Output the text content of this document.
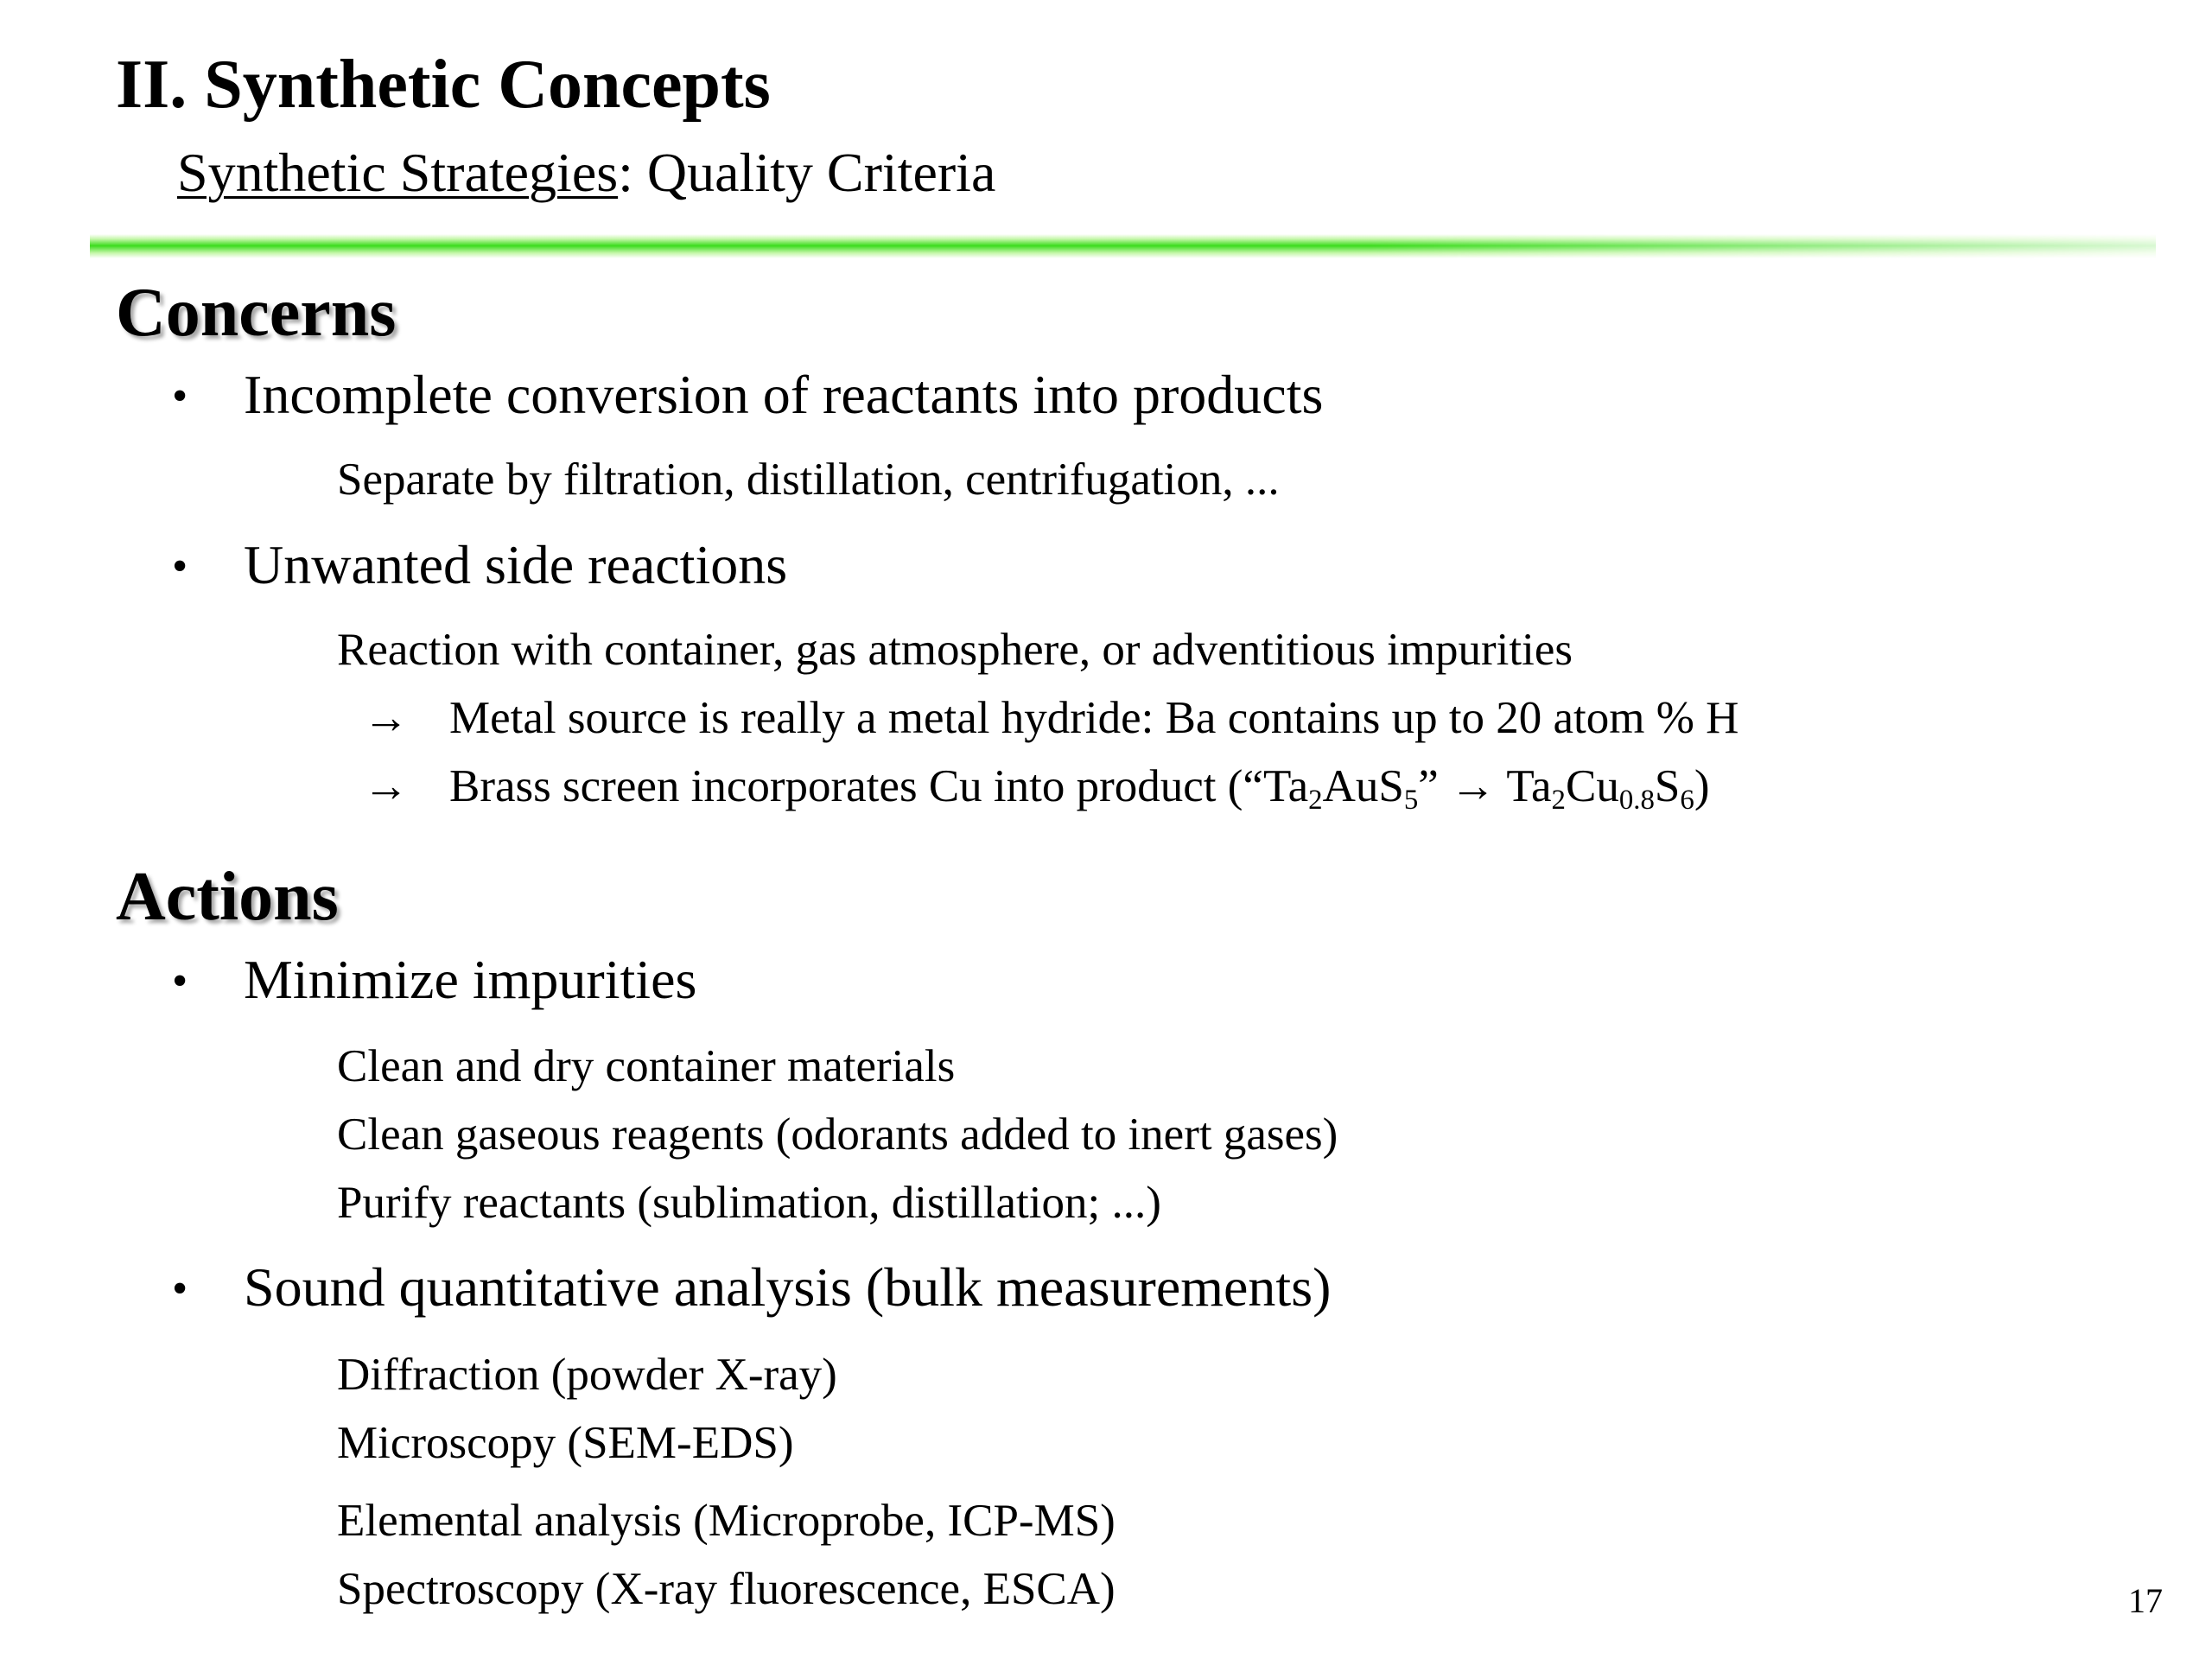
II. Synthetic Concepts
Synthetic Strategies: Quality Criteria
Concerns
• Incomplete conversion of reactants into products
Separate by filtration, distillation, centrifugation, ...
• Unwanted side reactions
Reaction with container, gas atmosphere, or adventitious impurities
→ Metal source is really a metal hydride: Ba contains up to 20 atom % H
→ Brass screen incorporates Cu into product (“$Ta_2AuS_5$” → $Ta_2Cu_{0.8}S_6$)
Actions
• Minimize impurities
Clean and dry container materials
Clean gaseous reagents (odorants added to inert gases)
Purify reactants (sublimation, distillation; ...)
• Sound quantitative analysis (bulk measurements)
Diffraction (powder X-ray)
Microscopy (SEM-EDS)
Elemental analysis (Microprobe, ICP-MS)
Spectroscopy (X-ray fluorescence, ESCA)	17
